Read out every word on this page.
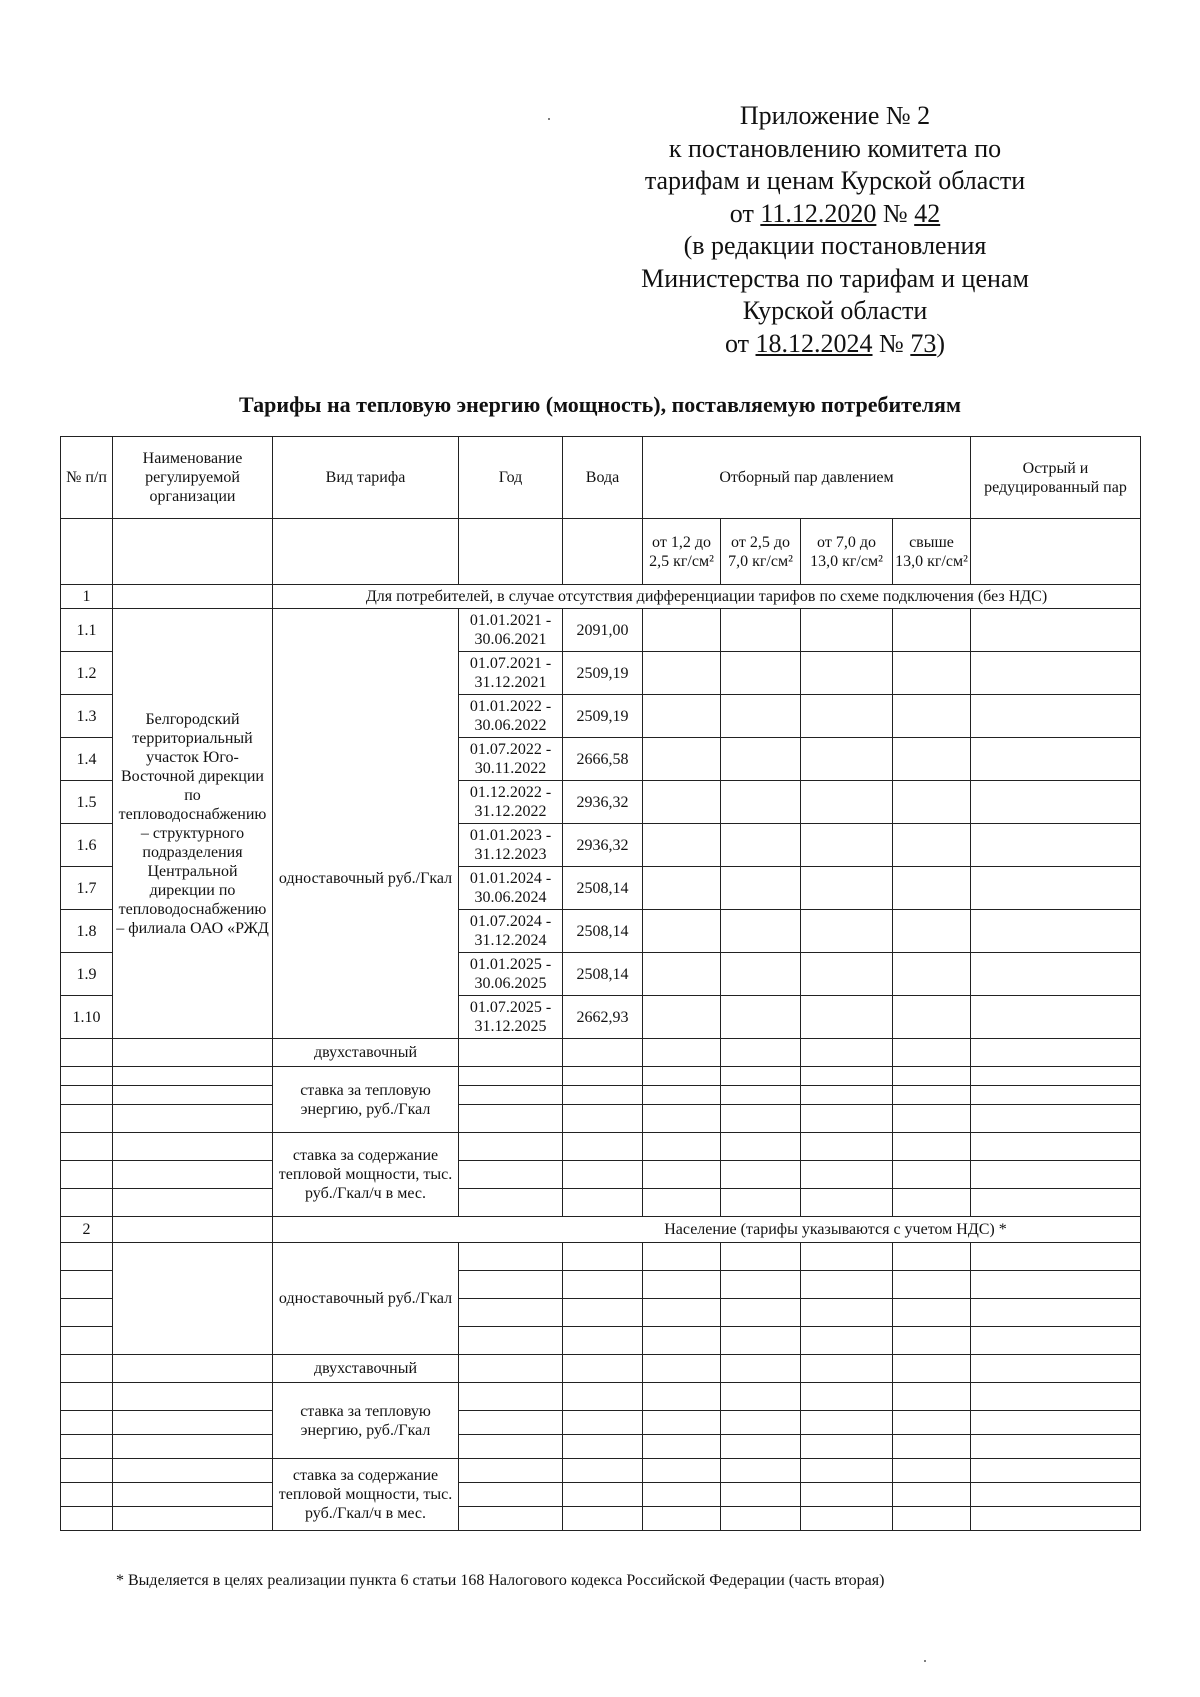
Приложение № 2
к постановлению комитета по
тарифам и ценам Курской области
от 11.12.2020 № 42
(в редакции постановления
Министерства по тарифам и ценам
Курской области
от 18.12.2024 № 73)
Тарифы на тепловую энергию (мощность), поставляемую потребителям
№ п/п	Наименование регулируемой организации	Вид тарифа	Год	Вода	Отборный пар давлением				Острый и редуцированный пар
					от 1,2 до 2,5 кг/см²	от 2,5 до 7,0 кг/см²	от 7,0 до 13,0 кг/см²	свыше 13,0 кг/см²	
1		Для потребителей, в случае отсутствия дифференциации тарифов по схеме подключения (без НДС)							
1.1	Белгородский территориальный участок Юго-Восточной дирекции по тепловодоснабжению – структурного подразделения Центральной дирекции по тепловодоснабжению – филиала ОАО «РЖД	одноставочный руб./Гкал	01.01.2021 - 30.06.2021	2091,00					
1.2			01.07.2021 - 31.12.2021	2509,19					
1.3			01.01.2022 - 30.06.2022	2509,19					
1.4			01.07.2022 - 30.11.2022	2666,58					
1.5			01.12.2022 - 31.12.2022	2936,32					
1.6			01.01.2023 - 31.12.2023	2936,32					
1.7			01.01.2024 - 30.06.2024	2508,14					
1.8			01.07.2024 - 31.12.2024	2508,14					
1.9			01.01.2025 - 30.06.2025	2508,14					
1.10			01.07.2025 - 31.12.2025	2662,93					
		двухставочный							
		ставка за тепловую энергию, руб./Гкал							

		ставка за содержание тепловой мощности, тыс. руб./Гкал/ч в мес.							

2		Население (тарифы указываются с учетом НДС) *							
		одноставочный руб./Гкал							

		двухставочный							
		ставка за тепловую энергию, руб./Гкал							

		ставка за содержание тепловой мощности, тыс. руб./Гкал/ч в мес.							

* Выделяется в целях реализации пункта 6 статьи 168 Налогового кодекса Российской Федерации (часть вторая)
